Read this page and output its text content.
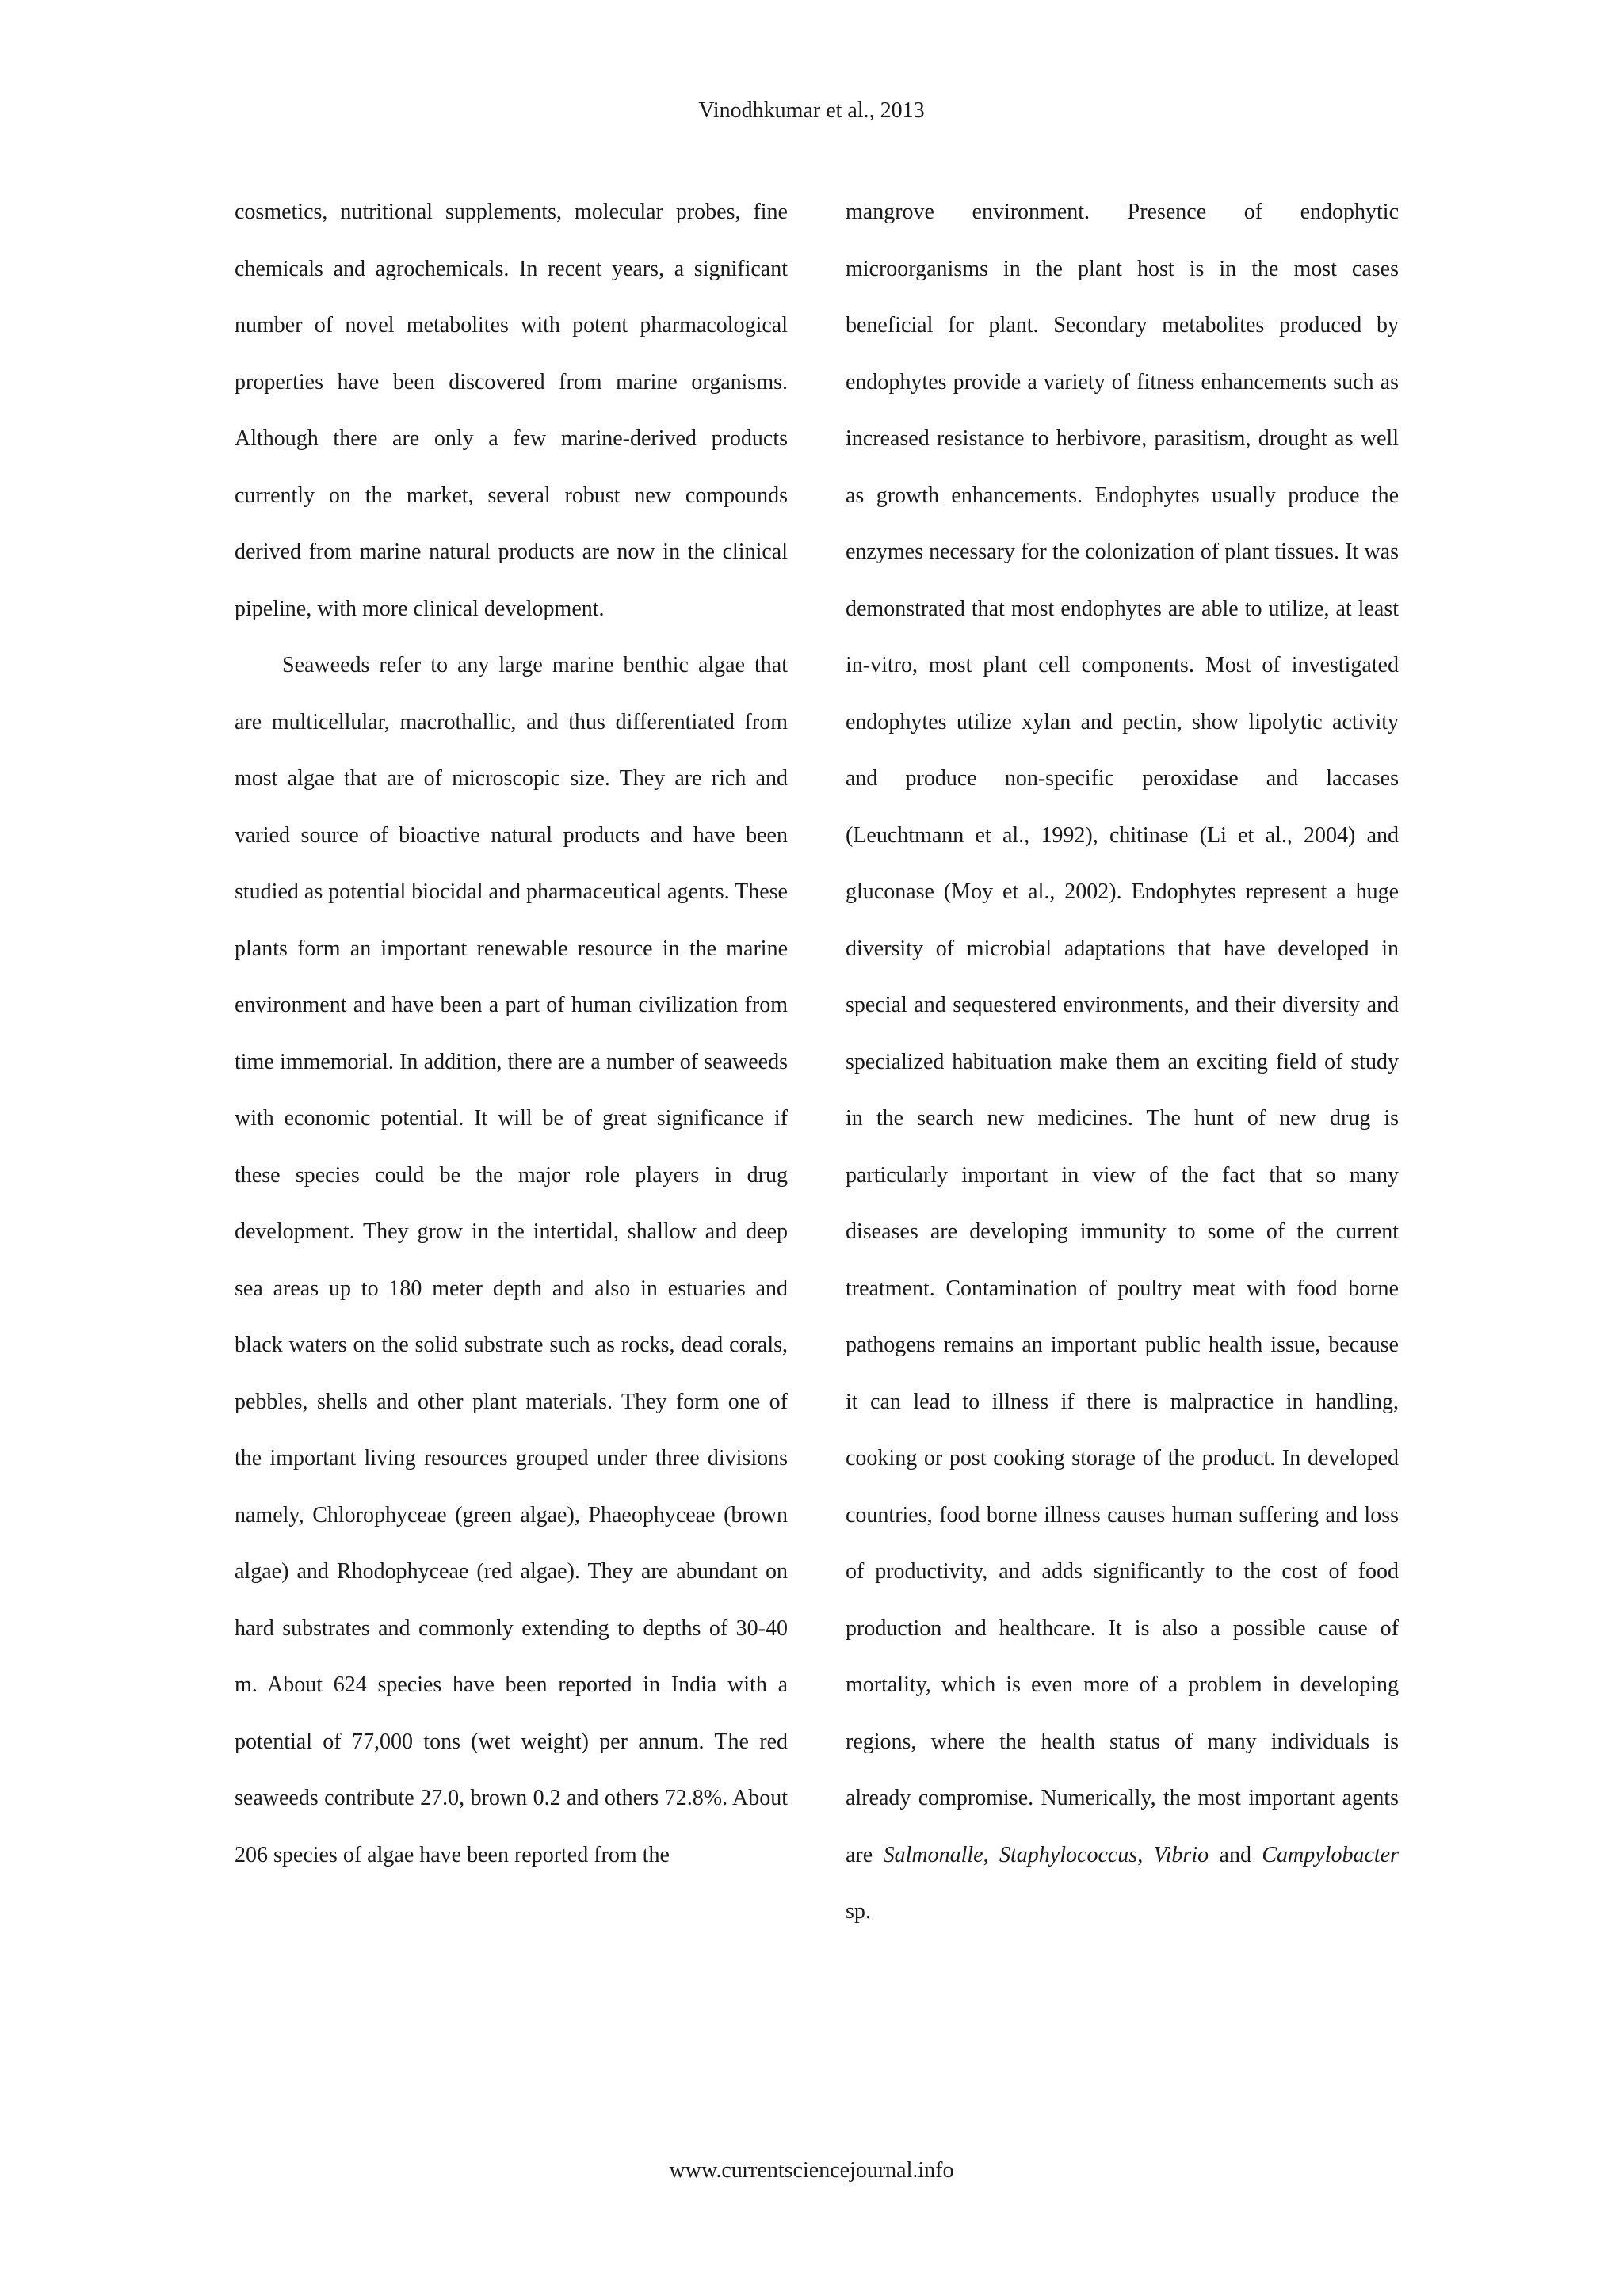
Vinodhkumar et al., 2013

cosmetics, nutritional supplements, molecular probes, fine chemicals and agrochemicals. In recent years, a significant number of novel metabolites with potent pharmacological properties have been discovered from marine organisms. Although there are only a few marine-derived products currently on the market, several robust new compounds derived from marine natural products are now in the clinical pipeline, with more clinical development.

Seaweeds refer to any large marine benthic algae that are multicellular, macrothallic, and thus differentiated from most algae that are of microscopic size. They are rich and varied source of bioactive natural products and have been studied as potential biocidal and pharmaceutical agents. These plants form an important renewable resource in the marine environment and have been a part of human civilization from time immemorial. In addition, there are a number of seaweeds with economic potential. It will be of great significance if these species could be the major role players in drug development. They grow in the intertidal, shallow and deep sea areas up to 180 meter depth and also in estuaries and black waters on the solid substrate such as rocks, dead corals, pebbles, shells and other plant materials. They form one of the important living resources grouped under three divisions namely, Chlorophyceae (green algae), Phaeophyceae (brown algae) and Rhodophyceae (red algae). They are abundant on hard substrates and commonly extending to depths of 30-40 m. About 624 species have been reported in India with a potential of 77,000 tons (wet weight) per annum. The red seaweeds contribute 27.0, brown 0.2 and others 72.8%. About 206 species of algae have been reported from the

mangrove environment. Presence of endophytic microorganisms in the plant host is in the most cases beneficial for plant. Secondary metabolites produced by endophytes provide a variety of fitness enhancements such as increased resistance to herbivore, parasitism, drought as well as growth enhancements. Endophytes usually produce the enzymes necessary for the colonization of plant tissues. It was demonstrated that most endophytes are able to utilize, at least in-vitro, most plant cell components. Most of investigated endophytes utilize xylan and pectin, show lipolytic activity and produce non-specific peroxidase and laccases (Leuchtmann et al., 1992), chitinase (Li et al., 2004) and gluconase (Moy et al., 2002). Endophytes represent a huge diversity of microbial adaptations that have developed in special and sequestered environments, and their diversity and specialized habituation make them an exciting field of study in the search new medicines. The hunt of new drug is particularly important in view of the fact that so many diseases are developing immunity to some of the current treatment. Contamination of poultry meat with food borne pathogens remains an important public health issue, because it can lead to illness if there is malpractice in handling, cooking or post cooking storage of the product. In developed countries, food borne illness causes human suffering and loss of productivity, and adds significantly to the cost of food production and healthcare. It is also a possible cause of mortality, which is even more of a problem in developing regions, where the health status of many individuals is already compromise. Numerically, the most important agents are Salmonalle, Staphylococcus, Vibrio and Campylobacter sp.

www.currentsciencejournal.info
